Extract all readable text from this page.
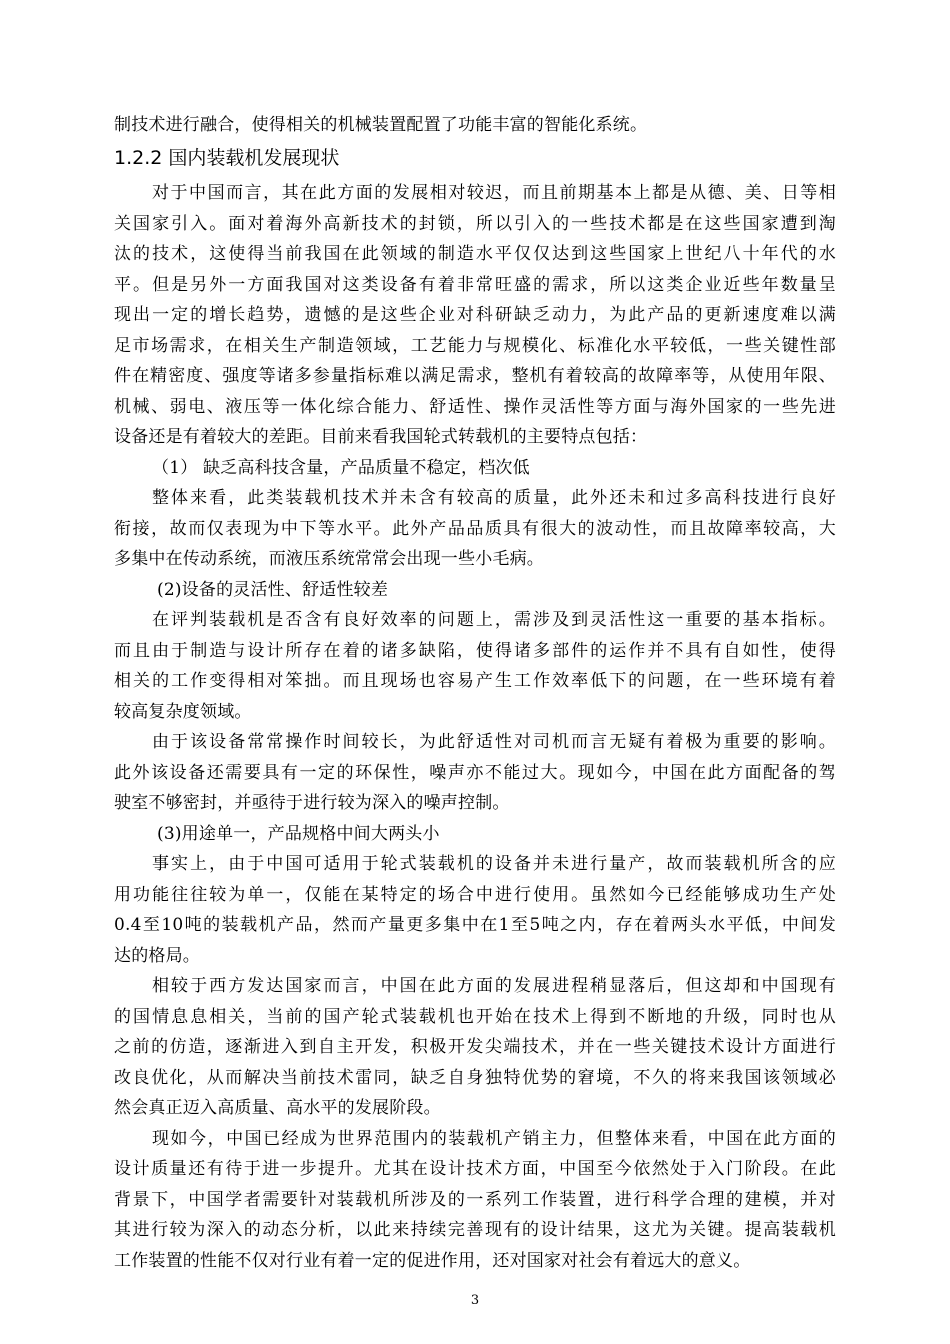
制技术进行融合，使得相关的机械装置配置了功能丰富的智能化系统。
1.2.2 国内装载机发展现状
对于中国而言，其在此方面的发展相对较迟，而且前期基本上都是从德、美、日等相
关国家引入。面对着海外高新技术的封锁，所以引入的一些技术都是在这些国家遭到淘
汰的技术，这使得当前我国在此领域的制造水平仅仅达到这些国家上世纪八十年代的水
平。但是另外一方面我国对这类设备有着非常旺盛的需求，所以这类企业近些年数量呈
现出一定的增长趋势，遗憾的是这些企业对科研缺乏动力，为此产品的更新速度难以满
足市场需求，在相关生产制造领域，工艺能力与规模化、标准化水平较低，一些关键性部
件在精密度、强度等诸多参量指标难以满足需求，整机有着较高的故障率等，从使用年限、
机械、弱电、液压等一体化综合能力、舒适性、操作灵活性等方面与海外国家的一些先进
设备还是有着较大的差距。目前来看我国轮式转载机的主要特点包括：
（1） 缺乏高科技含量，产品质量不稳定，档次低
整体来看，此类装载机技术并未含有较高的质量，此外还未和过多高科技进行良好
衔接，故而仅表现为中下等水平。此外产品品质具有很大的波动性，而且故障率较高，大
多集中在传动系统，而液压系统常常会出现一些小毛病。
(2)设备的灵活性、舒适性较差
在评判装载机是否含有良好效率的问题上，需涉及到灵活性这一重要的基本指标。
而且由于制造与设计所存在着的诸多缺陷，使得诸多部件的运作并不具有自如性，使得
相关的工作变得相对笨拙。而且现场也容易产生工作效率低下的问题，在一些环境有着
较高复杂度领域。
由于该设备常常操作时间较长，为此舒适性对司机而言无疑有着极为重要的影响。
此外该设备还需要具有一定的环保性，噪声亦不能过大。现如今，中国在此方面配备的驾
驶室不够密封，并亟待于进行较为深入的噪声控制。
(3)用途单一，产品规格中间大两头小
事实上，由于中国可适用于轮式装载机的设备并未进行量产，故而装载机所含的应
用功能往往较为单一，仅能在某特定的场合中进行使用。虽然如今已经能够成功生产处
0.4至10吨的装载机产品，然而产量更多集中在1至5吨之内，存在着两头水平低，中间发
达的格局。
相较于西方发达国家而言，中国在此方面的发展进程稍显落后，但这却和中国现有
的国情息息相关，当前的国产轮式装载机也开始在技术上得到不断地的升级，同时也从
之前的仿造，逐渐进入到自主开发，积极开发尖端技术，并在一些关键技术设计方面进行
改良优化，从而解决当前技术雷同，缺乏自身独特优势的窘境，不久的将来我国该领域必
然会真正迈入高质量、高水平的发展阶段。
现如今，中国已经成为世界范围内的装载机产销主力，但整体来看，中国在此方面的
设计质量还有待于进一步提升。尤其在设计技术方面，中国至今依然处于入门阶段。在此
背景下，中国学者需要针对装载机所涉及的一系列工作装置，进行科学合理的建模，并对
其进行较为深入的动态分析，以此来持续完善现有的设计结果，这尤为关键。提高装载机
工作装置的性能不仅对行业有着一定的促进作用，还对国家对社会有着远大的意义。
3
